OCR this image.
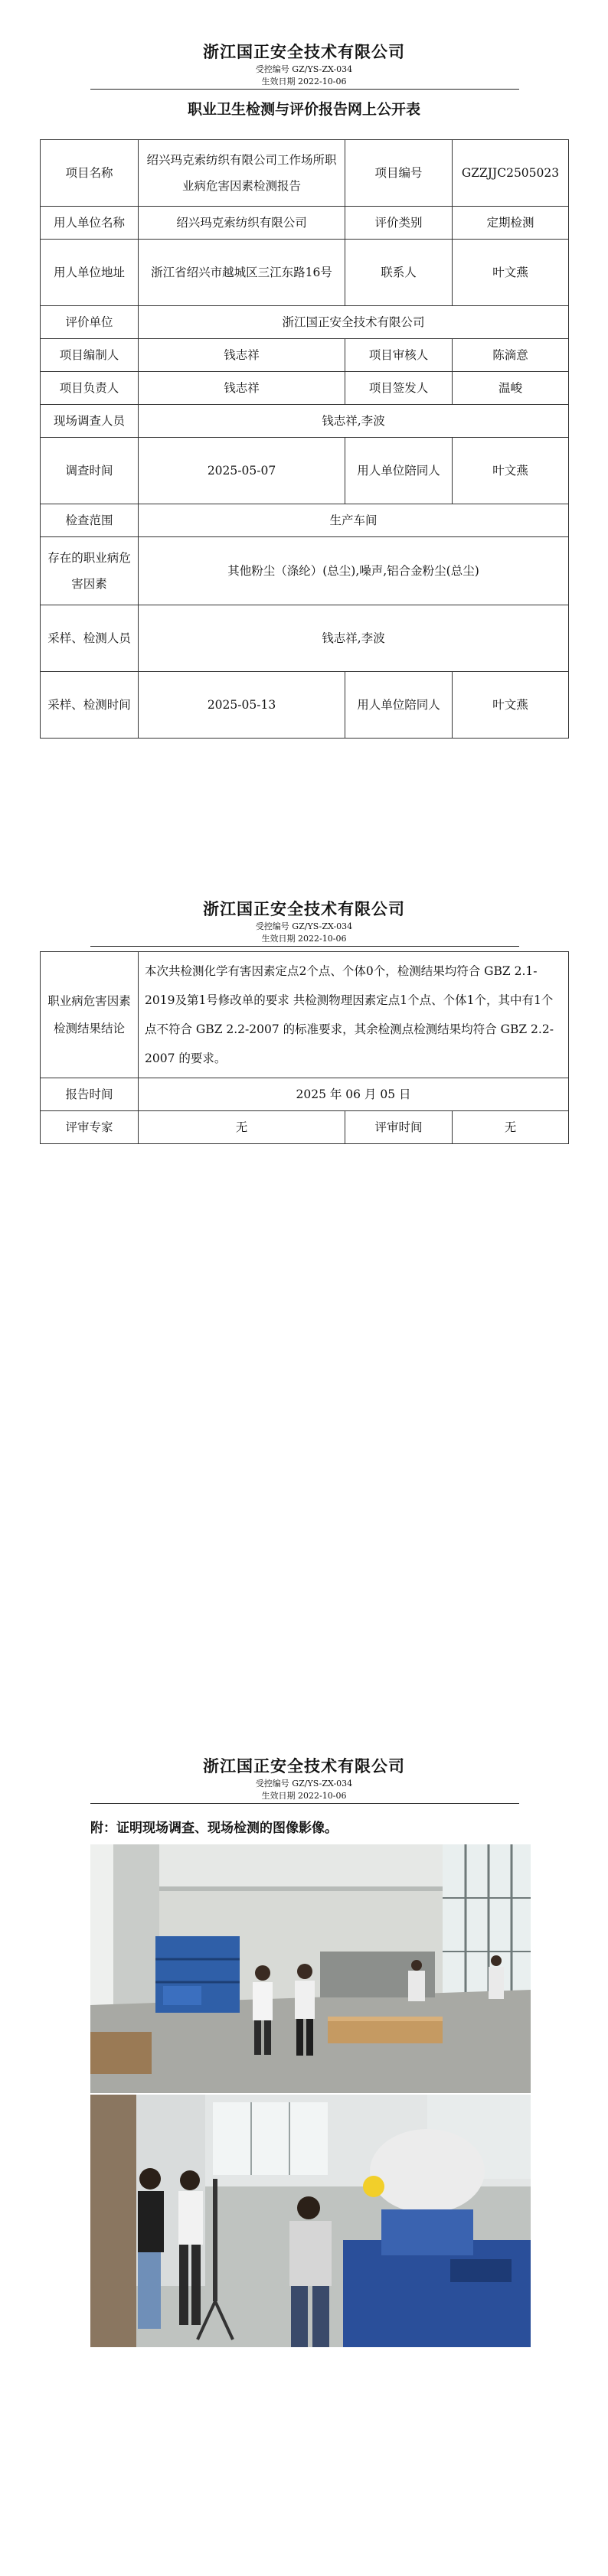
浙江国正安全技术有限公司

受控编号 GZ/YS-ZX-034

生效日期 2022-10-06

职业卫生检测与评价报告网上公开表
项目名称	绍兴玛克索纺织有限公司工作场所职业病危害因素检测报告	项目编号	GZZJJC2505023
用人单位名称	绍兴玛克索纺织有限公司	评价类别	定期检测
用人单位地址	浙江省绍兴市越城区三江东路16号	联系人	叶文燕
评价单位	浙江国正安全技术有限公司		
项目编制人	钱志祥	项目审核人	陈滴意
项目负责人	钱志祥	项目签发人	温峻
现场调查人员	钱志祥,李波		
调查时间	2025-05-07	用人单位陪同人	叶文燕
检查范围	生产车间		
存在的职业病危害因素	其他粉尘（涤纶）(总尘),噪声,铝合金粉尘(总尘)		
采样、检测人员	钱志祥,李波		
采样、检测时间	2025-05-13	用人单位陪同人	叶文燕

浙江国正安全技术有限公司

受控编号 GZ/YS-ZX-034

生效日期 2022-10-06

职业病危害因素检测结果结论	本次共检测化学有害因素定点2个点、个体0个，检测结果均符合 GBZ 2.1-2019及第1号修改单的要求 共检测物理因素定点1个点、个体1个，其中有1个点不符合 GBZ 2.2-2007 的标准要求，其余检测点检测结果均符合 GBZ 2.2-2007 的要求。		
报告时间	2025 年 06 月 05 日		
评审专家	无	评审时间	无

浙江国正安全技术有限公司

受控编号 GZ/YS-ZX-034

生效日期 2022-10-06

附：证明现场调查、现场检测的图像影像。
